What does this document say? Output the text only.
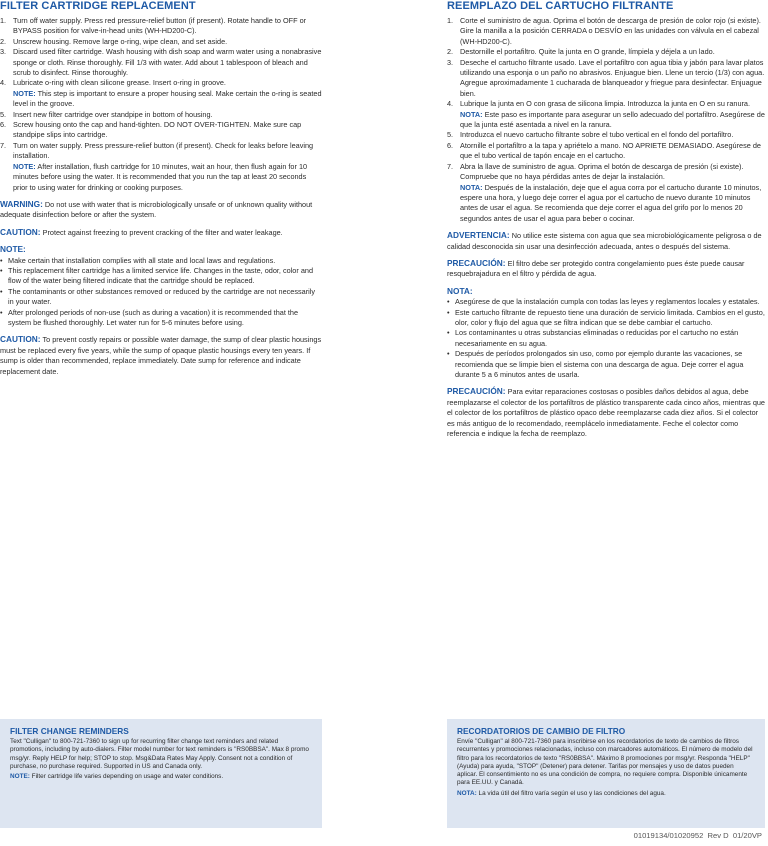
FILTER CARTRIDGE REPLACEMENT
1. Turn off water supply. Press red pressure-relief button (if present). Rotate handle to OFF or BYPASS position for valve-in-head units (WH-HD200-C).
2. Unscrew housing. Remove large o-ring, wipe clean, and set aside.
3. Discard used filter cartridge. Wash housing with dish soap and warm water using a nonabrasive sponge or cloth. Rinse thoroughly. Fill 1/3 with water. Add about 1 tablespoon of bleach and scrub to disinfect. Rinse thoroughly.
4. Lubricate o-ring with clean silicone grease. Insert o-ring in groove.
NOTE: This step is important to ensure a proper housing seal. Make certain the o-ring is seated level in the groove.
5. Insert new filter cartridge over standpipe in bottom of housing.
6. Screw housing onto the cap and hand-tighten. DO NOT OVER-TIGHTEN. Make sure cap standpipe slips into cartridge.
7. Turn on water supply. Press pressure-relief button (if present). Check for leaks before leaving installation.
NOTE: After installation, flush cartridge for 10 minutes, wait an hour, then flush again for 10 minutes before using the water. It is recommended that you run the tap at least 20 seconds prior to using water for drinking or cooking purposes.

WARNING: Do not use with water that is microbiologically unsafe or of unknown quality without adequate disinfection before or after the system.

CAUTION: Protect against freezing to prevent cracking of the filter and water leakage.

NOTE:
• Make certain that installation complies with all state and local laws and regulations.
• This replacement filter cartridge has a limited service life. Changes in the taste, odor, color and flow of the water being filtered indicate that the cartridge should be replaced.
• The contaminants or other substances removed or reduced by the cartridge are not necessarily in your water.
• After prolonged periods of non-use (such as during a vacation) it is recommended that the system be flushed thoroughly. Let water run for 5-6 minutes before using.

CAUTION: To prevent costly repairs or possible water damage, the sump of clear plastic housings must be replaced every five years, while the sump of opaque plastic housings every ten years. If sump is older than recommended, replace immediately. Date sump for reference and indicate replacement date.

REEMPLAZO DEL CARTUCHO FILTRANTE
1. Corte el suministro de agua. Oprima el botón de descarga de presión de color rojo (si existe). Gire la manilla a la posición CERRADA o DESVÍO en las unidades con válvula en el cabezal (WH-HD200-C).
2. Destornille el portafiltro. Quite la junta en O grande, límpiela y déjela a un lado.
3. Deseche el cartucho filtrante usado. Lave el portafiltro con agua tibia y jabón para lavar platos utilizando una esponja o un paño no abrasivos. Enjuague bien. Llene un tercio (1/3) con agua. Agregue aproximadamente 1 cucharada de blanqueador y friegue para desinfectar. Enjuague bien.
4. Lubrique la junta en O con grasa de silicona limpia. Introduzca la junta en O en su ranura.
NOTA: Este paso es importante para asegurar un sello adecuado del portafiltro. Asegúrese de que la junta esté asentada a nivel en la ranura.
5. Introduzca el nuevo cartucho filtrante sobre el tubo vertical en el fondo del portafiltro.
6. Atornille el portafiltro a la tapa y apriételo a mano. NO APRIETE DEMASIADO. Asegúrese de que el tubo vertical de tapón encaje en el cartucho.
7. Abra la llave de suministro de agua. Oprima el botón de descarga de presión (si existe). Compruebe que no haya pérdidas antes de dejar la instalación.
NOTA: Después de la instalación, deje que el agua corra por el cartucho durante 10 minutos, espere una hora, y luego deje correr el agua por el cartucho de nuevo durante 10 minutos antes de usar el agua. Se recomienda que deje correr el agua del grifo por lo menos 20 segundos antes de usar el agua para beber o cocinar.

ADVERTENCIA: No utilice este sistema con agua que sea microbiológicamente peligrosa o de calidad desconocida sin usar una desinfección adecuada, antes o después del sistema.

PRECAUCIÓN: El filtro debe ser protegido contra congelamiento pues éste puede causar resquebrajadura en el filtro y pérdida de agua.

NOTA:
• Asegúrese de que la instalación cumpla con todas las leyes y reglamentos locales y estatales.
• Este cartucho filtrante de repuesto tiene una duración de servicio limitada. Cambios en el gusto, olor, color y flujo del agua que se filtra indican que se debe cambiar el cartucho.
• Los contaminantes u otras substancias eliminadas o reducidas por el cartucho no están necesariamente en su agua.
• Después de períodos prolongados sin uso, como por ejemplo durante las vacaciones, se recomienda que se limpie bien el sistema con una descarga de agua. Deje correr el agua durante 5 a 6 minutos antes de usarla.

PRECAUCIÓN: Para evitar reparaciones costosas o posibles daños debidos al agua, debe reemplazarse el colector de los portafiltros de plástico transparente cada cinco años, mientras que el colector de los portafiltros de plástico opaco debe reemplazarse cada diez años. Si el colector es más antiguo de lo recomendado, reemplácelo inmediatamente. Feche el colector como referencia e indique la fecha de reemplazo.

FILTER CHANGE REMINDERS

Text "Culligan" to 800-721-7360 to sign up for recurring filter change text reminders and related promotions, including by auto-dialers. Filter model number for text reminders is "RS0BBSA". Max 8 promo msg/yr. Reply HELP for help; STOP to stop. Msg&Data Rates May Apply. Consent not a condition of purchase, no purchase required. Supported in US and Canada only.

NOTE: Filter cartridge life varies depending on usage and water conditions.

RECORDATORIOS DE CAMBIO DE FILTRO

Envíe "Culligan" al 800-721-7360 para inscribirse en los recordatorios de texto de cambios de filtros recurrentes y promociones relacionadas, incluso con marcadores automáticos. El número de modelo del filtro para los recordatorios de texto "RS0BBSA". Máximo 8 promociones por msg/yr. Responda "HELP" (Ayuda) para ayuda, "STOP" (Detener) para detener. Tarifas por mensajes y uso de datos pueden aplicar. El consentimiento no es una condición de compra, no requiere compra. Disponible únicamente para EE.UU. y Canadá.

NOTA: La vida útil del filtro varía según el uso y las condiciones del agua.

01019134/01020952  Rev D  01/20VP
